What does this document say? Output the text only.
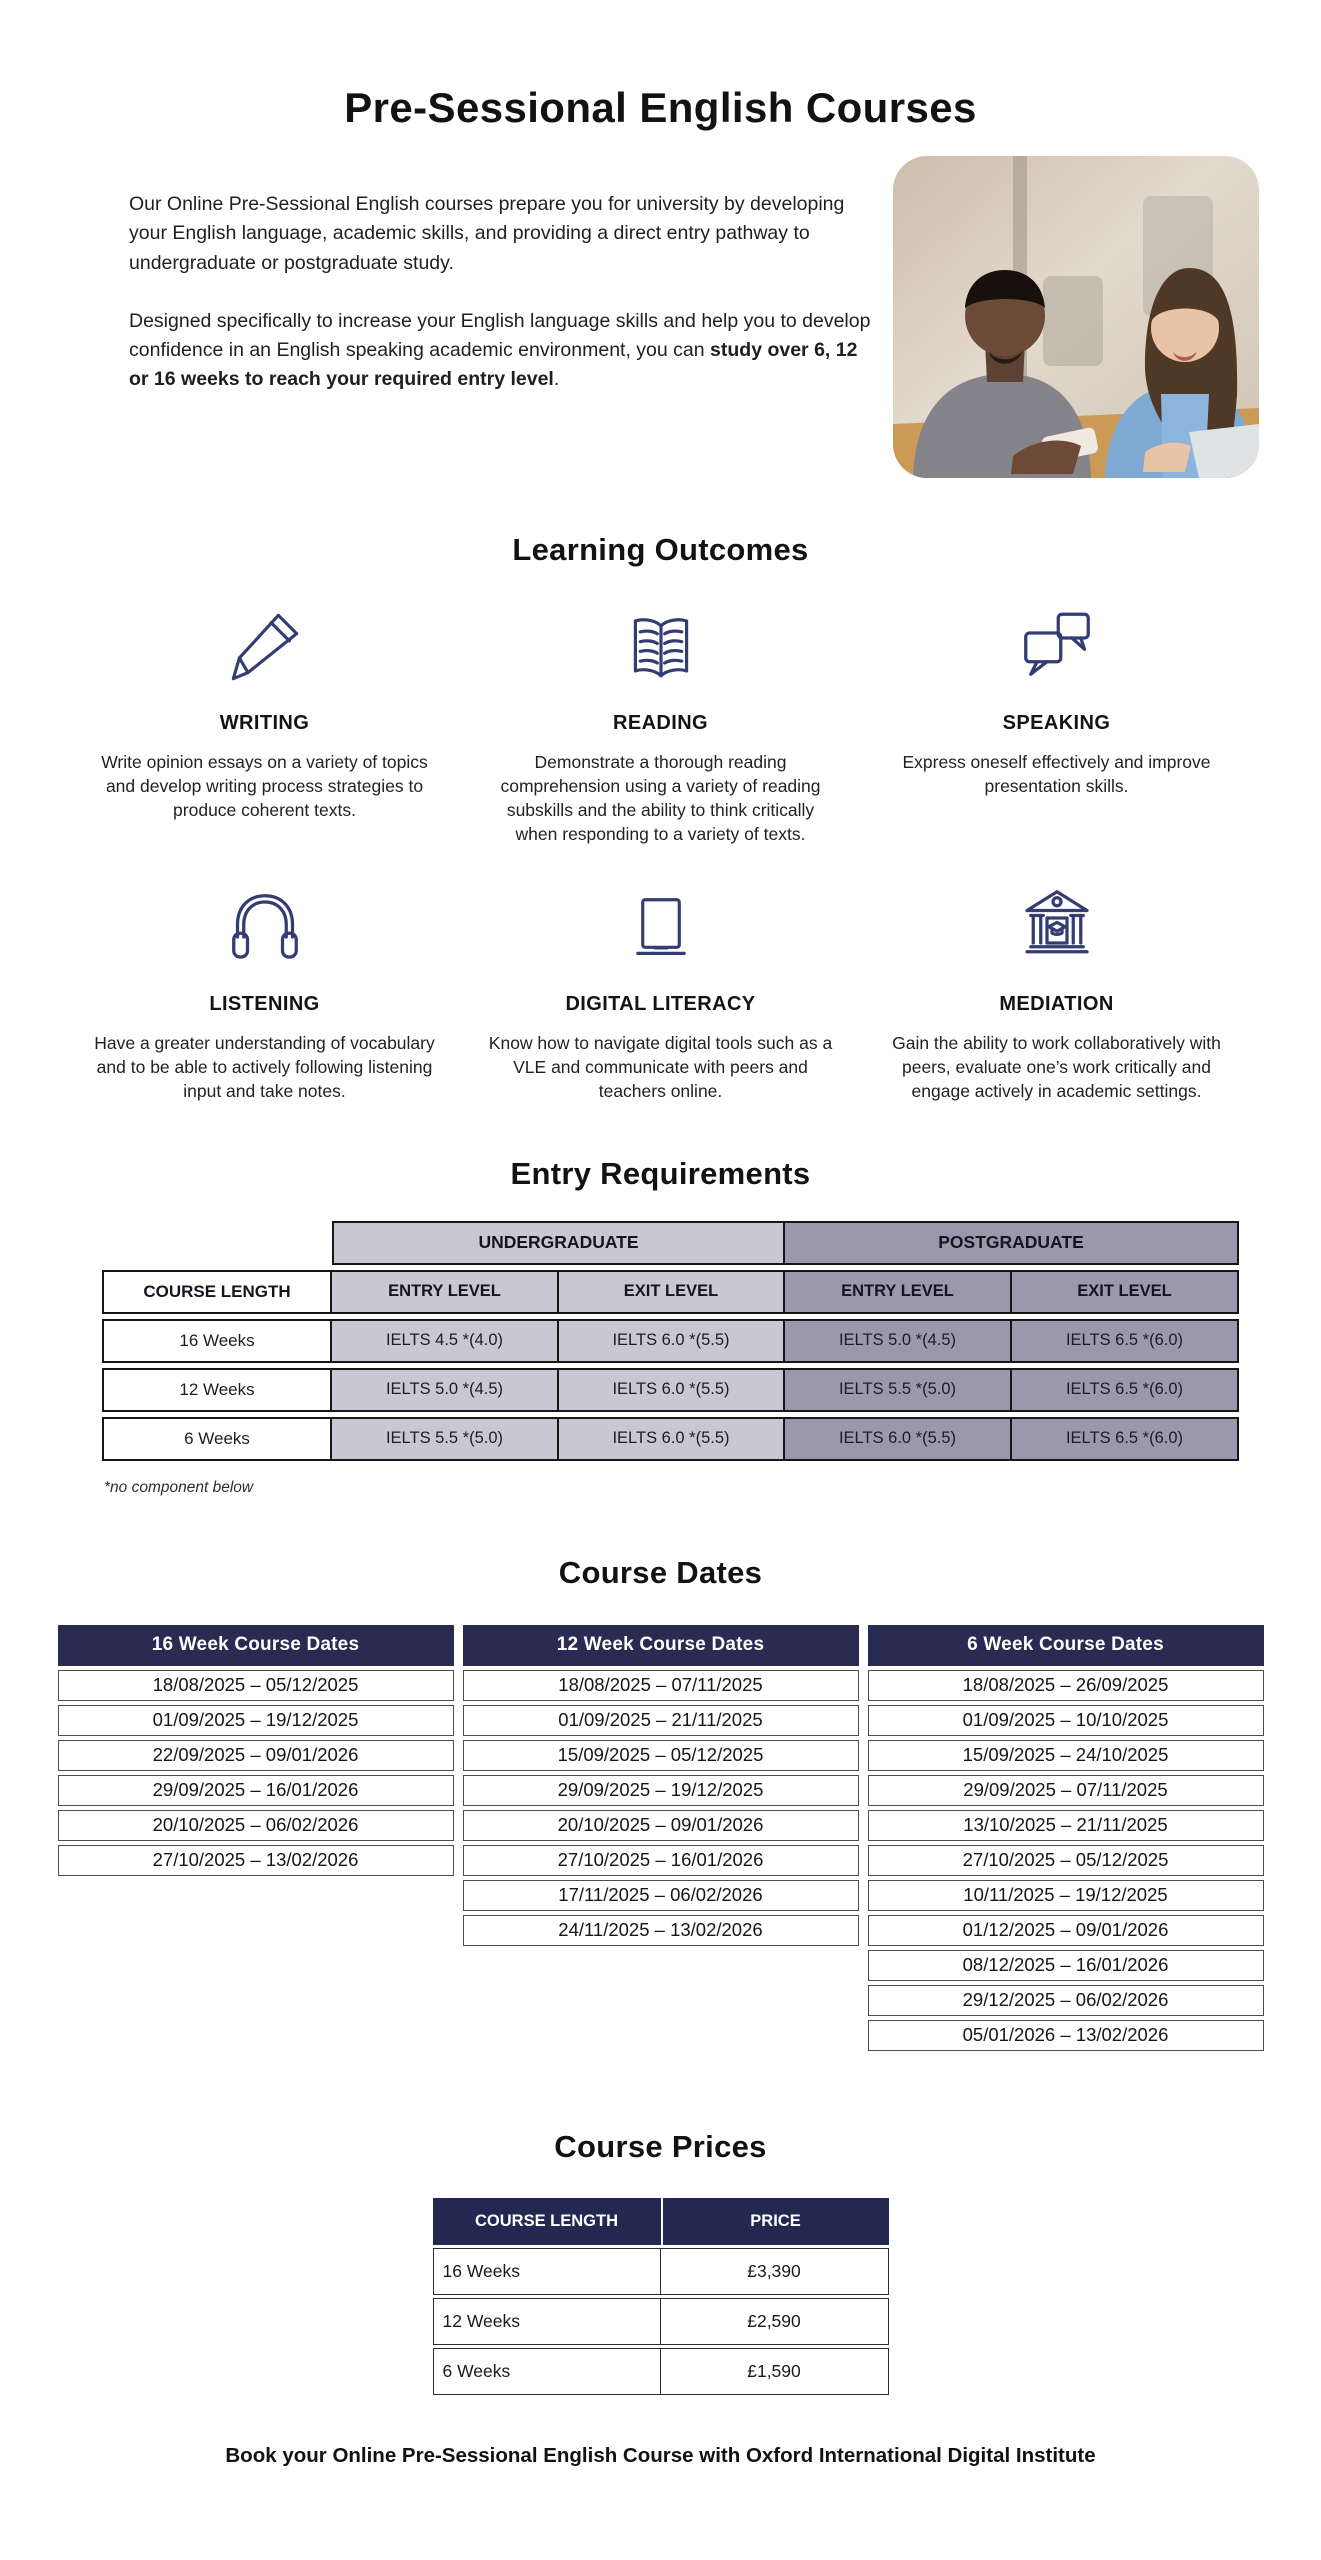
Pre-Sessional English Courses

Our Online Pre-Sessional English courses prepare you for university by developing your English language, academic skills, and providing a direct entry pathway to undergraduate or postgraduate study.

Designed specifically to increase your English language skills and help you to develop confidence in an English speaking academic environment, you can study over 6, 12 or 16 weeks to reach your required entry level.

Learning Outcomes
WRITING
Write opinion essays on a variety of topics and develop writing process strategies to produce coherent texts.
READING
Demonstrate a thorough reading comprehension using a variety of reading subskills and the ability to think critically when responding to a variety of texts.
SPEAKING
Express oneself effectively and improve presentation skills.
LISTENING
Have a greater understanding of vocabulary and to be able to actively following listening input and take notes.
DIGITAL LITERACY
Know how to navigate digital tools such as a VLE and communicate with peers and teachers online.
MEDIATION
Gain the ability to work collaboratively with peers, evaluate one’s work critically and engage actively in academic settings.
Entry Requirements
	UNDERGRADUATE		POSTGRADUATE	
COURSE LENGTH	ENTRY LEVEL	EXIT LEVEL	ENTRY LEVEL	EXIT LEVEL
16 Weeks	IELTS 4.5 *(4.0)	IELTS 6.0 *(5.5)	IELTS 5.0 *(4.5)	IELTS 6.5 *(6.0)
12 Weeks	IELTS 5.0 *(4.5)	IELTS 6.0 *(5.5)	IELTS 5.5 *(5.0)	IELTS 6.5 *(6.0)
6 Weeks	IELTS 5.5 *(5.0)	IELTS 6.0 *(5.5)	IELTS 6.0 *(5.5)	IELTS 6.5 *(6.0)
*no component below
Course Dates
16 Week Course Dates
18/08/2025 – 05/12/2025
01/09/2025 – 19/12/2025
22/09/2025 – 09/01/2026
29/09/2025 – 16/01/2026
20/10/2025 – 06/02/2026
27/10/2025 – 13/02/2026
12 Week Course Dates
18/08/2025 – 07/11/2025
01/09/2025 – 21/11/2025
15/09/2025 – 05/12/2025
29/09/2025 – 19/12/2025
20/10/2025 – 09/01/2026
27/10/2025 – 16/01/2026
17/11/2025 – 06/02/2026
24/11/2025 – 13/02/2026
6 Week Course Dates
18/08/2025 – 26/09/2025
01/09/2025 – 10/10/2025
15/09/2025 – 24/10/2025
29/09/2025 – 07/11/2025
13/10/2025 – 21/11/2025
27/10/2025 – 05/12/2025
10/11/2025 – 19/12/2025
01/12/2025 – 09/01/2026
08/12/2025 – 16/01/2026
29/12/2025 – 06/02/2026
05/01/2026 – 13/02/2026
Course Prices
COURSE LENGTH	PRICE
16 Weeks	£3,390
12 Weeks	£2,590
6 Weeks	£1,590
Book your Online Pre-Sessional English Course with Oxford International Digital Institute
